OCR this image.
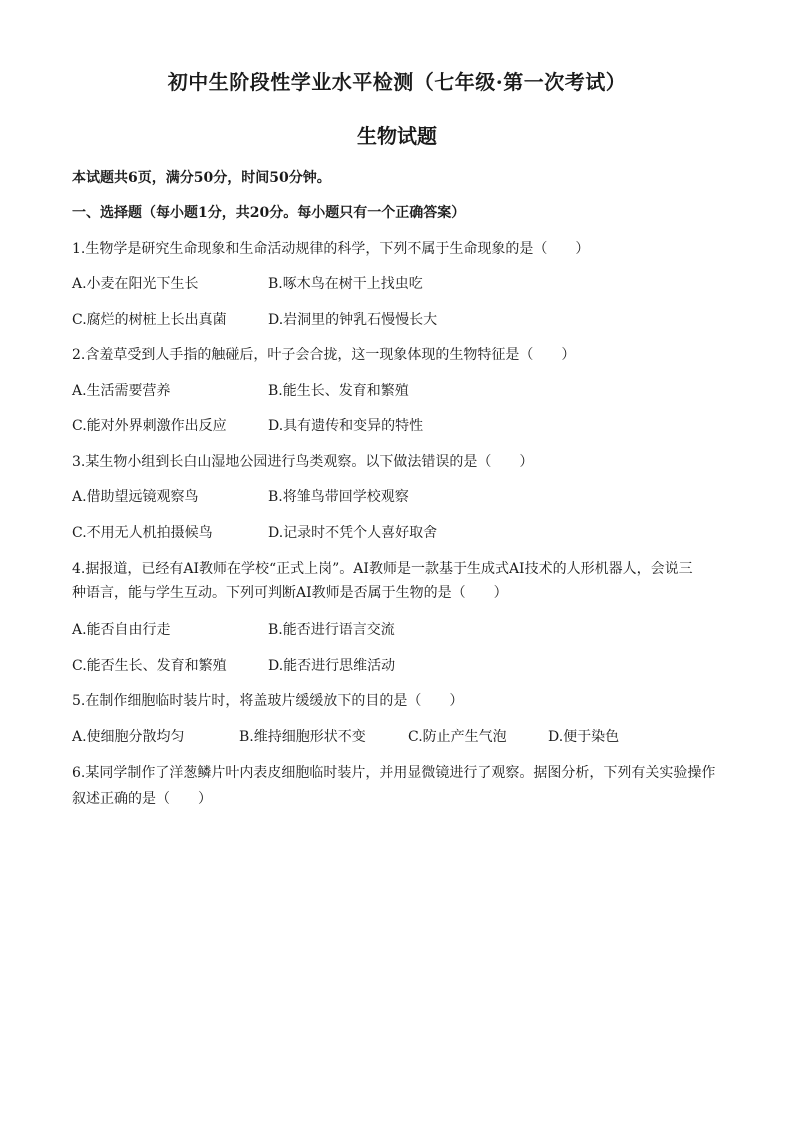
初中生阶段性学业水平检测（七年级·第一次考试）
生物试题
本试题共6页，满分50分，时间50分钟。
一、选择题（每小题1分，共20分。每小题只有一个正确答案）
1.生物学是研究生命现象和生命活动规律的科学，下列不属于生命现象的是（　　）
A.小麦在阳光下生长	B.啄木鸟在树干上找虫吃
C.腐烂的树桩上长出真菌	D.岩洞里的钟乳石慢慢长大
2.含羞草受到人手指的触碰后，叶子会合拢，这一现象体现的生物特征是（　　）
A.生活需要营养	B.能生长、发育和繁殖
C.能对外界刺激作出反应	D.具有遗传和变异的特性
3.某生物小组到长白山湿地公园进行鸟类观察。以下做法错误的是（　　）
A.借助望远镜观察鸟	B.将雏鸟带回学校观察
C.不用无人机拍摄候鸟	D.记录时不凭个人喜好取舍
4.据报道，已经有AI教师在学校“正式上岗”。AI教师是一款基于生成式AI技术的人形机器人，会说三
种语言，能与学生互动。下列可判断AI教师是否属于生物的是（　　）
A.能否自由行走	B.能否进行语言交流
C.能否生长、发育和繁殖	D.能否进行思维活动
5.在制作细胞临时装片时，将盖玻片缓缓放下的目的是（　　）
A.使细胞分散均匀	B.维持细胞形状不变	C.防止产生气泡	D.便于染色
6.某同学制作了洋葱鳞片叶内表皮细胞临时装片，并用显微镜进行了观察。据图分析，下列有关实验操作
叙述正确的是（　　）
